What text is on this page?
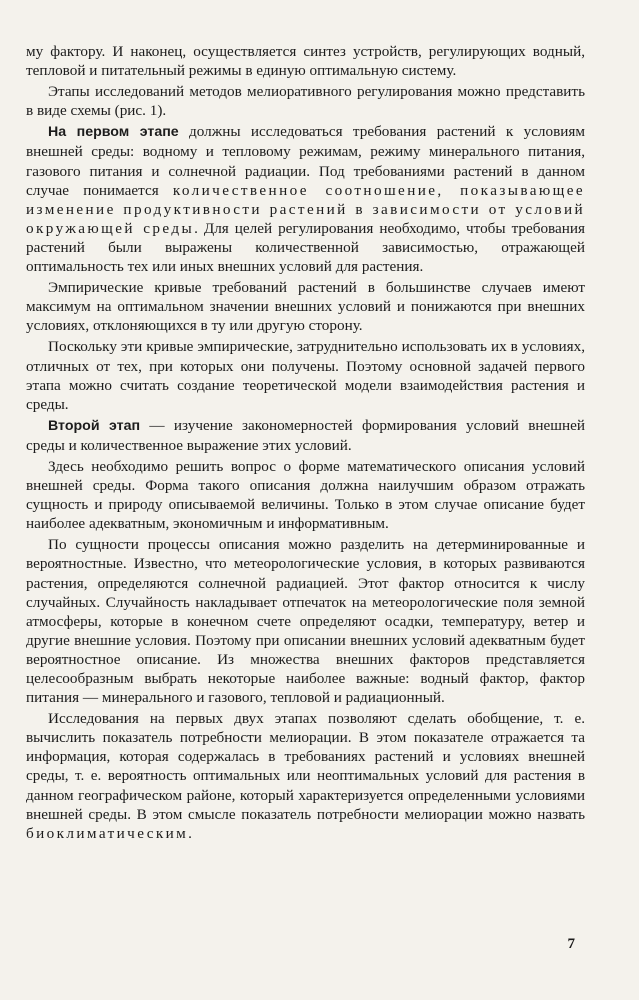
му фактору. И наконец, осуществляется синтез устройств, регулирующих водный, тепловой и питательный режимы в единую оптимальную систему.

Этапы исследований методов мелиоративного регулирования можно представить в виде схемы (рис. 1).

На первом этапе должны исследоваться требования растений к условиям внешней среды: водному и тепловому режимам, режиму минерального питания, газового питания и солнечной радиации. Под требованиями растений в данном случае понимается количественное соотношение, показывающее изменение продуктивности растений в зависимости от условий окружающей среды. Для целей регулирования необходимо, чтобы требования растений были выражены количественной зависимостью, отражающей оптимальность тех или иных внешних условий для растения.

Эмпирические кривые требований растений в большинстве случаев имеют максимум на оптимальном значении внешних условий и понижаются при внешних условиях, отклоняющихся в ту или другую сторону.

Поскольку эти кривые эмпирические, затруднительно использовать их в условиях, отличных от тех, при которых они получены. Поэтому основной задачей первого этапа можно считать создание теоретической модели взаимодействия растения и среды.

Второй этап — изучение закономерностей формирования условий внешней среды и количественное выражение этих условий.

Здесь необходимо решить вопрос о форме математического описания условий внешней среды. Форма такого описания должна наилучшим образом отражать сущность и природу описываемой величины. Только в этом случае описание будет наиболее адекватным, экономичным и информативным.

По сущности процессы описания можно разделить на детерминированные и вероятностные. Известно, что метеорологические условия, в которых развиваются растения, определяются солнечной радиацией. Этот фактор относится к числу случайных. Случайность накладывает отпечаток на метеорологические поля земной атмосферы, которые в конечном счете определяют осадки, температуру, ветер и другие внешние условия. Поэтому при описании внешних условий адекватным будет вероятностное описание. Из множества внешних факторов представляется целесообразным выбрать некоторые наиболее важные: водный фактор, фактор питания — минерального и газового, тепловой и радиационный.

Исследования на первых двух этапах позволяют сделать обобщение, т. е. вычислить показатель потребности мелиорации. В этом показателе отражается та информация, которая содержалась в требованиях растений и условиях внешней среды, т. е. вероятность оптимальных или неоптимальных условий для растения в данном географическом районе, который характеризуется определенными условиями внешней среды. В этом смысле показатель потребности мелиорации можно назвать биоклиматическим.

7
